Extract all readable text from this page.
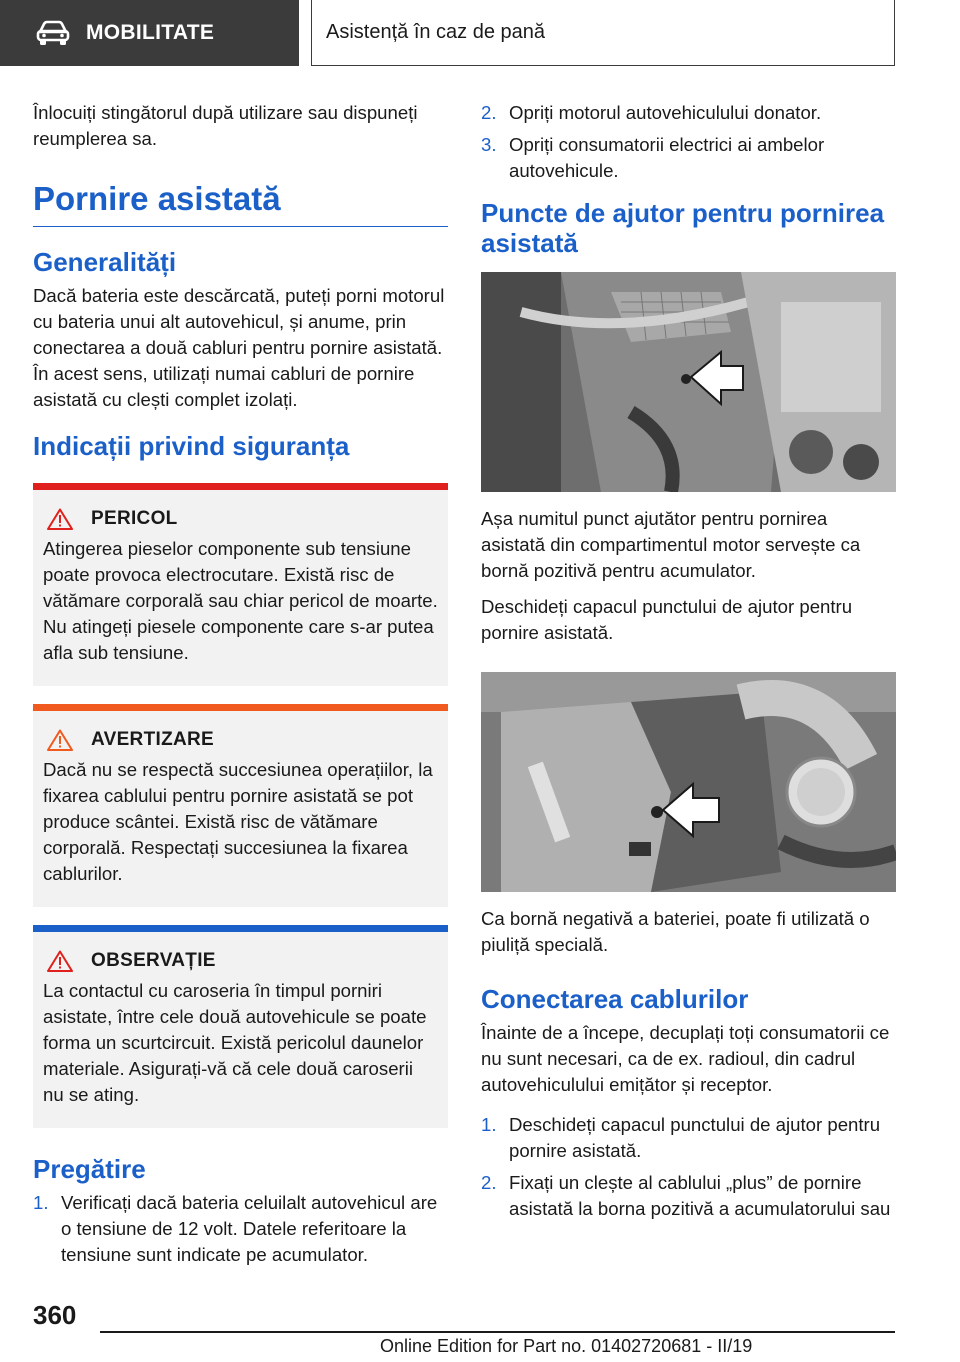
MOBILITATE	Asistență în caz de pană

Înlocuiți stingătorul după utilizare sau dispuneți reumplerea sa.

Pornire asistată
Generalități

Dacă bateria este descărcată, puteți porni motorul cu bateria unui alt autovehicul, și anume, prin conectarea a două cabluri pentru pornire asistată. În acest sens, utilizați numai cabluri de pornire asistată cu clești complet izolați.

Indicații privind siguranța
PERICOL
Atingerea pieselor componente sub tensiune poate provoca electrocutare. Există risc de vătămare corporală sau chiar pericol de moarte. Nu atingeți piesele componente care s-ar putea afla sub tensiune.
AVERTIZARE
Dacă nu se respectă succesiunea operațiilor, la fixarea cablului pentru pornire asistată se pot produce scântei. Există risc de vătămare corporală. Respectați succesiunea la fixarea cablurilor.
OBSERVAȚIE
La contactul cu caroseria în timpul porniri asistate, între cele două autovehicule se poate forma un scurtcircuit. Există pericolul daunelor materiale. Asigurați-vă că cele două caroserii nu se ating.
Pregătire
1. Verificați dacă bateria celuilalt autovehicul are o tensiune de 12 volt. Datele referitoare la tensiune sunt indicate pe acumulator.
2. Opriți motorul autovehiculului donator.
3. Opriți consumatorii electrici ai ambelor autovehicule.
Puncte de ajutor pentru pornirea asistată

Așa numitul punct ajutător pentru pornirea asistată din compartimentul motor servește ca bornă pozitivă pentru acumulator.

Deschideți capacul punctului de ajutor pentru pornire asistată.

Ca bornă negativă a bateriei, poate fi utilizată o piuliță specială.

Conectarea cablurilor

Înainte de a începe, decuplați toți consumatorii ce nu sunt necesari, ca de ex. radioul, din cadrul autovehiculului emițător și receptor.

1. Deschideți capacul punctului de ajutor pentru pornire asistată.
2. Fixați un clește al cablului „plus” de pornire asistată la borna pozitivă a acumulatorului sau
360
Online Edition for Part no. 01402720681 - II/19
